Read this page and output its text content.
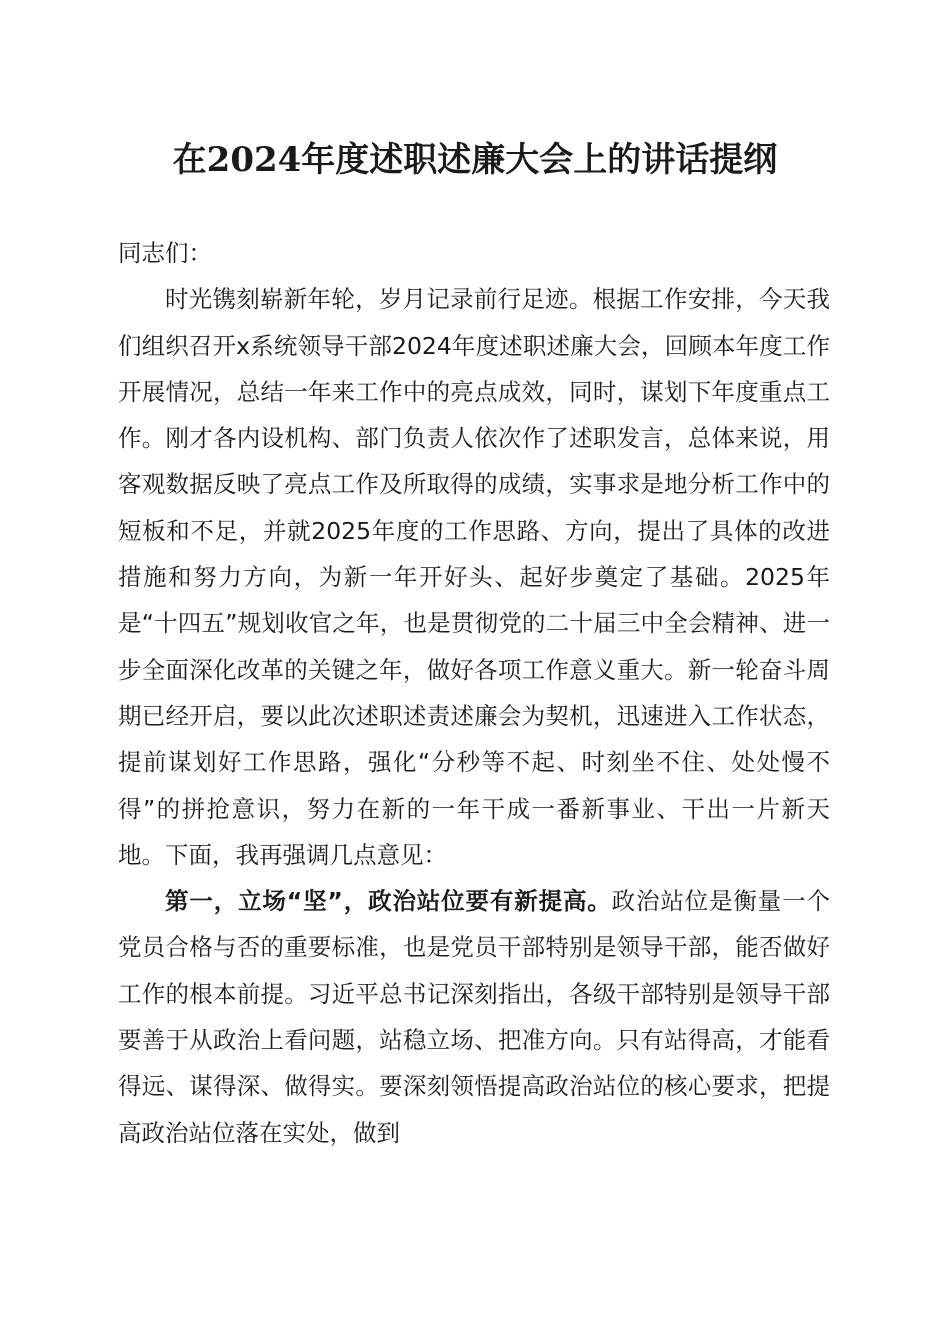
在2024年度述职述廉大会上的讲话提纲

同志们：

时光镌刻崭新年轮，岁月记录前行足迹。根据工作安排，今天我们组织召开x系统领导干部2024年度述职述廉大会，回顾本年度工作开展情况，总结一年来工作中的亮点成效，同时，谋划下年度重点工作。刚才各内设机构、部门负责人依次作了述职发言，总体来说，用客观数据反映了亮点工作及所取得的成绩，实事求是地分析工作中的短板和不足，并就2025年度的工作思路、方向，提出了具体的改进措施和努力方向，为新一年开好头、起好步奠定了基础。2025年是“十四五”规划收官之年，也是贯彻党的二十届三中全会精神、进一步全面深化改革的关键之年，做好各项工作意义重大。新一轮奋斗周期已经开启，要以此次述职述责述廉会为契机，迅速进入工作状态，提前谋划好工作思路，强化“分秒等不起、时刻坐不住、处处慢不得”的拼抢意识，努力在新的一年干成一番新事业、干出一片新天地。下面，我再强调几点意见：

第一，立场“坚”，政治站位要有新提高。政治站位是衡量一个党员合格与否的重要标准，也是党员干部特别是领导干部，能否做好工作的根本前提。习近平总书记深刻指出，各级干部特别是领导干部要善于从政治上看问题，站稳立场、把准方向。只有站得高，才能看得远、谋得深、做得实。要深刻领悟提高政治站位的核心要求，把提高政治站位落在实处，做到
